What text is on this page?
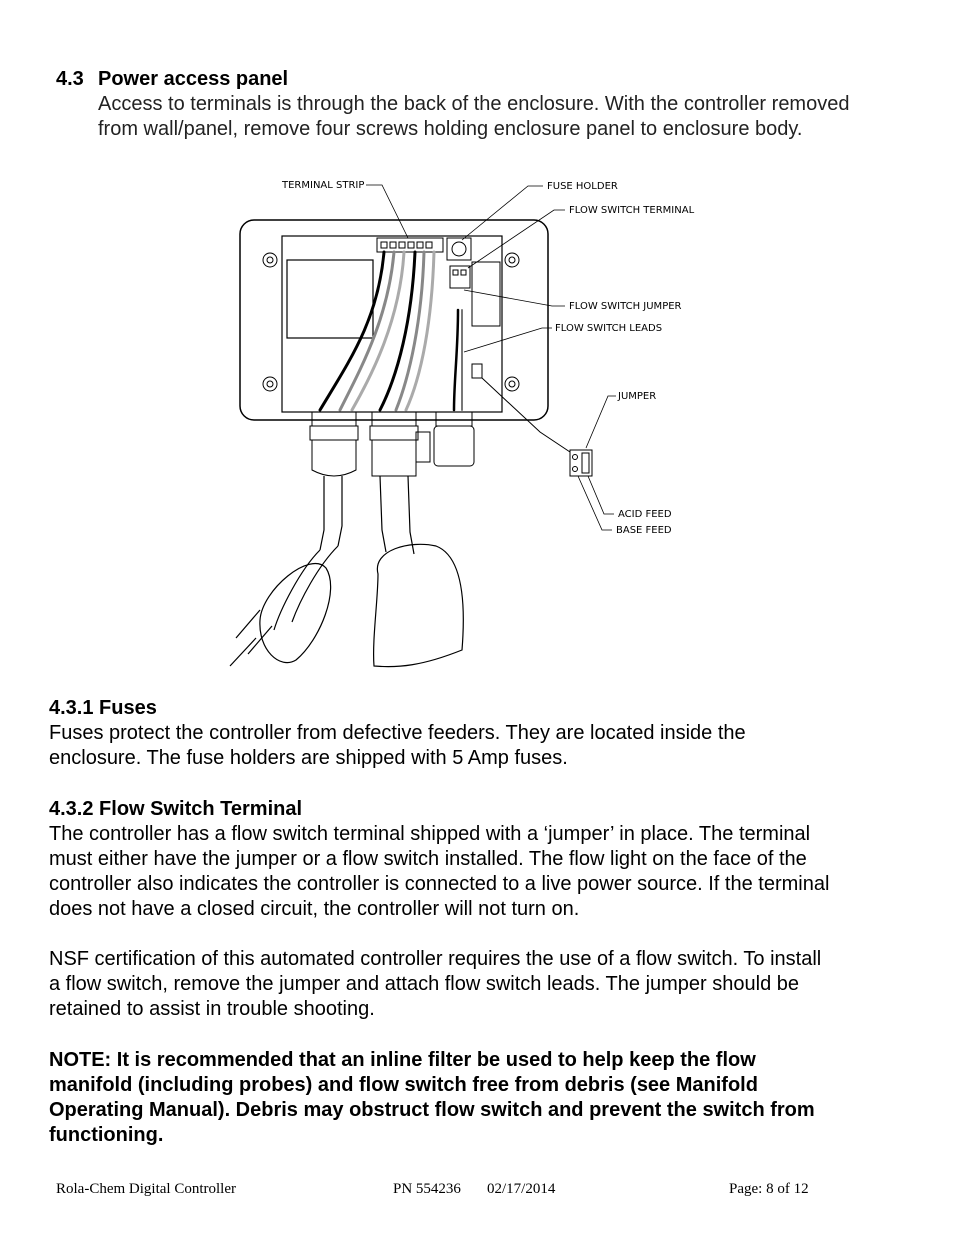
4.3 Power access panel
Access to terminals is through the back of the enclosure. With the controller removed from wall/panel, remove four screws holding enclosure panel to enclosure body.
TERMINAL STRIP	FUSE HOLDER
FLOW SWITCH TERMINAL
FLOW SWITCH JUMPER
FLOW SWITCH LEADS
JUMPER
ACID FEED
BASE FEED
4.3.1 Fuses
Fuses protect the controller from defective feeders. They are located inside the
enclosure. The fuse holders are shipped with 5 Amp fuses.
4.3.2 Flow Switch Terminal
The controller has a flow switch terminal shipped with a ‘jumper’ in place. The terminal
must either have the jumper or a flow switch installed. The flow light on the face of the
controller also indicates the controller is connected to a live power source. If the terminal
does not have a closed circuit, the controller will not turn on.
NSF certification of this automated controller requires the use of a flow switch. To install
a flow switch, remove the jumper and attach flow switch leads. The jumper should be
retained to assist in trouble shooting.
NOTE: It is recommended that an inline filter be used to help keep the flow
manifold (including probes) and flow switch free from debris (see Manifold
Operating Manual). Debris may obstruct flow switch and prevent the switch from
functioning.
Rola-Chem Digital Controller	PN 554236 02/17/2014	Page: 8 of 12
